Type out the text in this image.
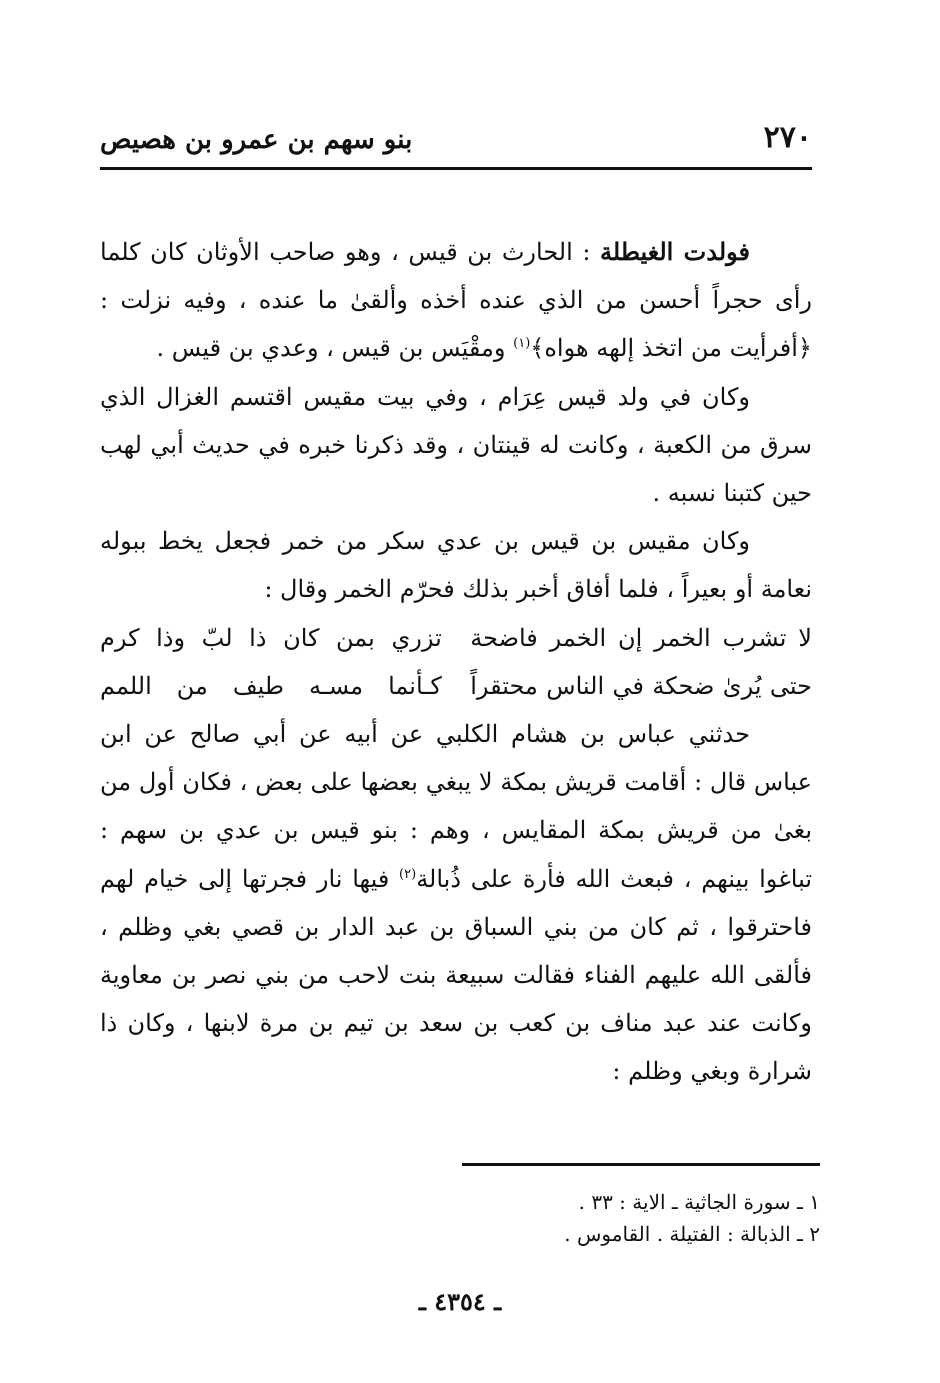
٢٧٠
بنو سهم بن عمرو بن هصيص

فولدت الغيطلة : الحارث بن قيس ، وهو صاحب الأوثان كان كلما رأى حجراً أحسن من الذي عنده أخذه وألقىٰ ما عنده ، وفيه نزلت : ﴿أفرأيت من اتخذ إلهه هواه﴾$^{(١)}$ ومقْيَس بن قيس ، وعدي بن قيس .

وكان في ولد قيس عِرَام ، وفي بيت مقيس اقتسم الغزال الذي سرق من الكعبة ، وكانت له قينتان ، وقد ذكرنا خبره في حديث أبي لهب حين كتبنا نسبه .

وكان مقيس بن قيس بن عدي سكر من خمر فجعل يخط ببوله نعامة أو بعيراً ، فلما أفاق أخبر بذلك فحرّم الخمر وقال :

لا تشرب الخمر إن الخمر فاضحة
تزري بمن كان ذا لبّ وذا كرم
حتى يُرىٰ ضحكة في الناس محتقراً
كـأنما مسـه طيف من اللمم

حدثني عباس بن هشام الكلبي عن أبيه عن أبي صالح عن ابن عباس قال : أقامت قريش بمكة لا يبغي بعضها على بعض ، فكان أول من بغىٰ من قريش بمكة المقايس ، وهم : بنو قيس بن عدي بن سهم : تباغوا بينهم ، فبعث الله فأرة على ذُبالة$^{(٢)}$ فيها نار فجرتها إلى خيام لهم فاحترقوا ، ثم كان من بني السباق بن عبد الدار بن قصي بغي وظلم ، فألقى الله عليهم الفناء فقالت سبيعة بنت لاحب من بني نصر بن معاوية وكانت عند عبد مناف بن كعب بن سعد بن تيم بن مرة لابنها ، وكان ذا شرارة وبغي وظلم :

١ ـ سورة الجاثية ـ الاية : ٣٣ .
٢ ـ الذبالة : الفتيلة . القاموس .
ـ ٤٣٥٤ ـ
